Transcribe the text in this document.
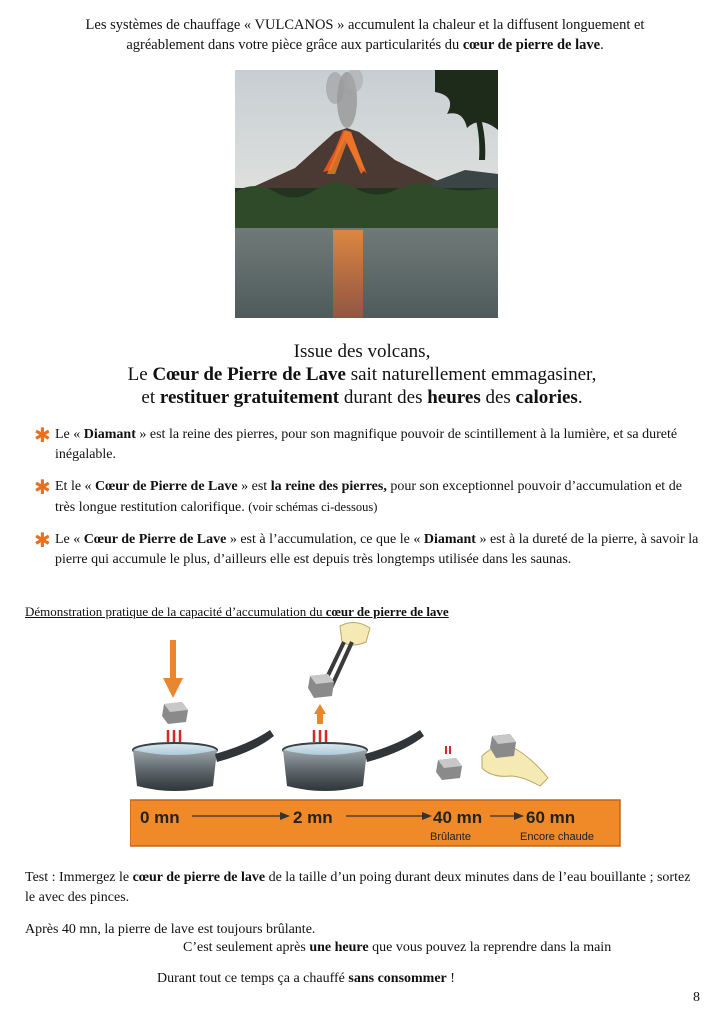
Les systèmes de chauffage « VULCANOS » accumulent la chaleur et la diffusent longuement et
agréablement dans votre pièce grâce aux particularités du cœur de pierre de lave.
Issue des volcans,
Le Cœur de Pierre de Lave sait naturellement emmagasiner,
et restituer gratuitement durant des heures des calories.
✱ Le « Diamant » est la reine des pierres, pour son magnifique pouvoir de scintillement à la lumière, et sa dureté inégalable.
✱ Et le « Cœur de Pierre de Lave » est la reine des pierres, pour son exceptionnel pouvoir d’accumulation et de très longue restitution calorifique. (voir schémas ci-dessous)
✱ Le « Cœur de Pierre de Lave » est à l’accumulation, ce que le « Diamant » est à la dureté de la pierre, à savoir la pierre qui accumule le plus, d’ailleurs elle est depuis très longtemps utilisée dans les saunas.
Démonstration pratique de la capacité d’accumulation du cœur de pierre de lave
0 mn	2 mn	40 mn	60 mn
Brûlante	Encore chaude
Test : Immergez le cœur de pierre de lave de la taille d’un poing durant deux minutes dans de l’eau bouillante ; sortez le avec des pinces.
Après 40 mn, la pierre de lave est toujours brûlante.
C’est seulement après une heure que vous pouvez la reprendre dans la main
Durant tout ce temps ça a chauffé sans consommer !
8
